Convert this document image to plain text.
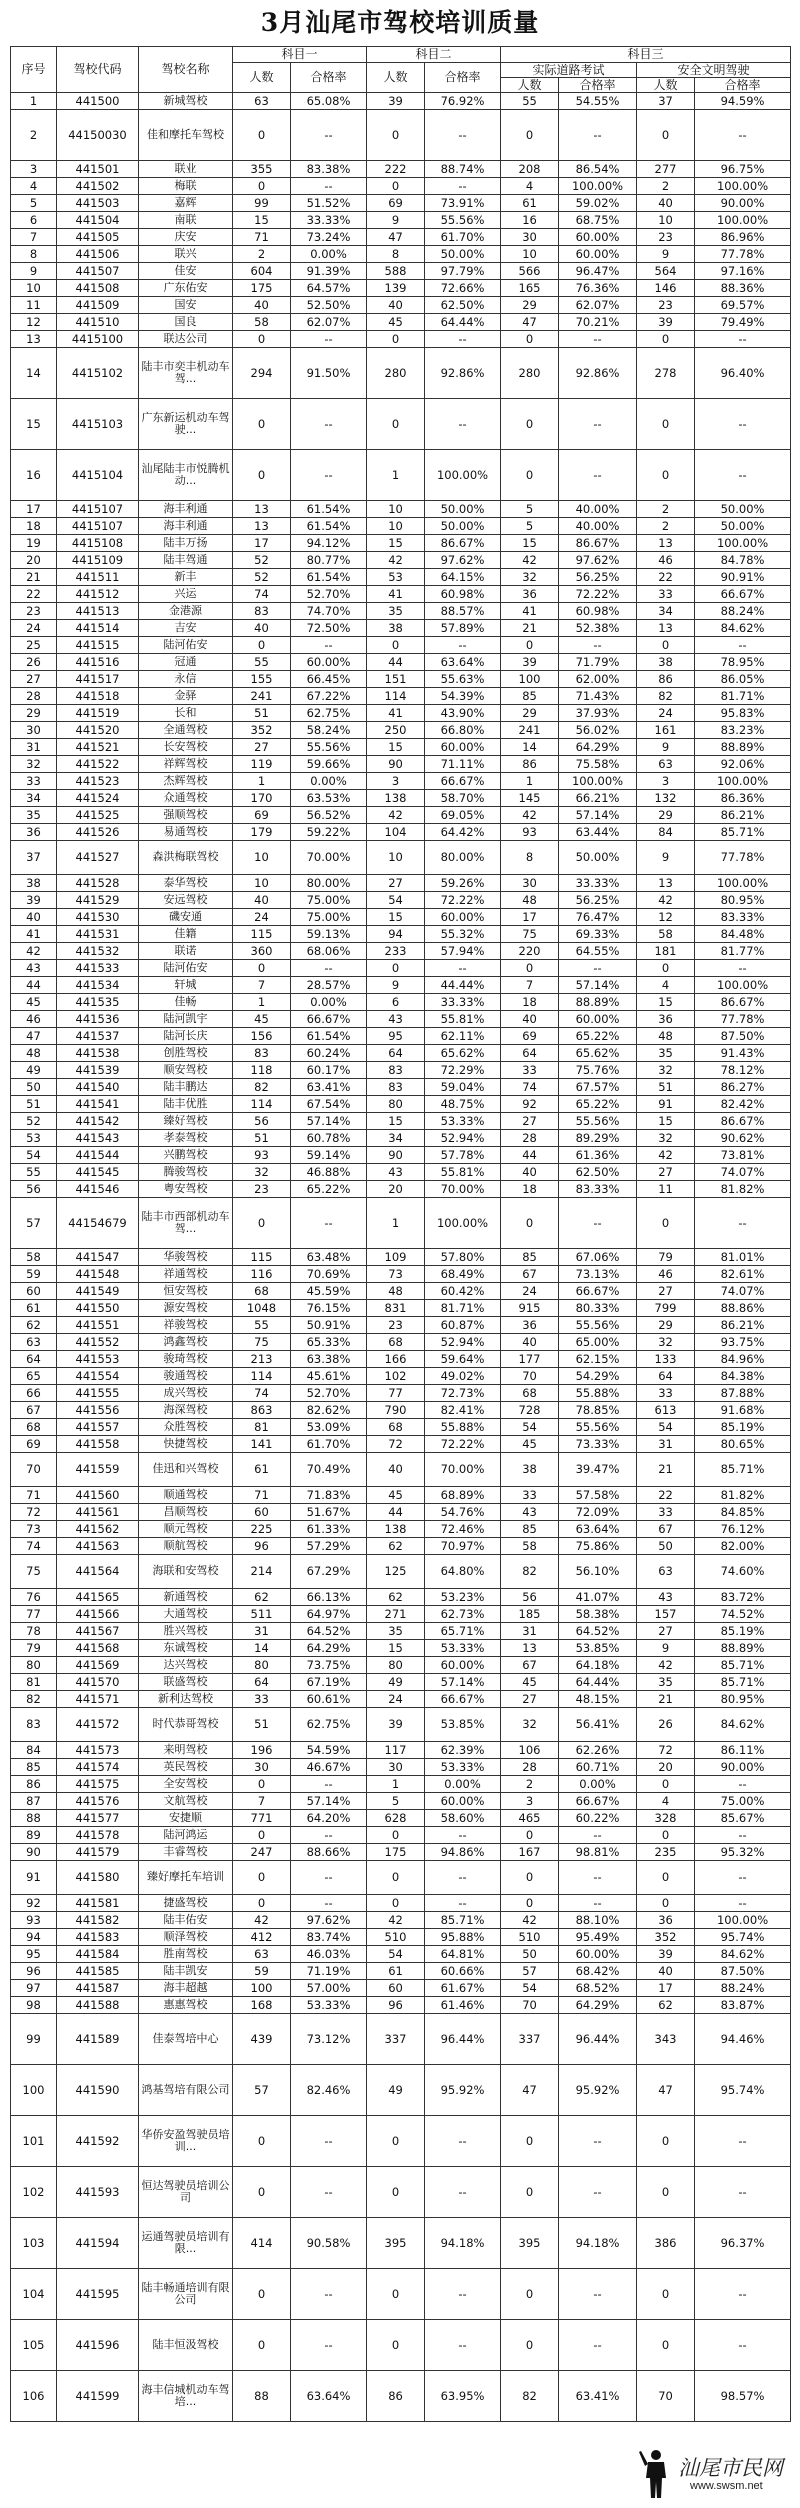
3月汕尾市驾校培训质量
序号	驾校代码	驾校名称	科目一		科目二		科目三			
			人数	合格率	人数	合格率	实际道路考试		安全文明驾驶	
							人数	合格率	人数	合格率
1	441500	新城驾校	63	65.08%	39	76.92%	55	54.55%	37	94.59%
2	44150030	佳和摩托车驾校	0	--	0	--	0	--	0	--
3	441501	联业	355	83.38%	222	88.74%	208	86.54%	277	96.75%
4	441502	梅联	0	--	0	--	4	100.00%	2	100.00%
5	441503	嘉辉	99	51.52%	69	73.91%	61	59.02%	40	90.00%
6	441504	南联	15	33.33%	9	55.56%	16	68.75%	10	100.00%
7	441505	庆安	71	73.24%	47	61.70%	30	60.00%	23	86.96%
8	441506	联兴	2	0.00%	8	50.00%	10	60.00%	9	77.78%
9	441507	佳安	604	91.39%	588	97.79%	566	96.47%	564	97.16%
10	441508	广东佑安	175	64.57%	139	72.66%	165	76.36%	146	88.36%
11	441509	国安	40	52.50%	40	62.50%	29	62.07%	23	69.57%
12	441510	国良	58	62.07%	45	64.44%	47	70.21%	39	79.49%
13	4415100	联达公司	0	--	0	--	0	--	0	--
14	4415102	陆丰市奕丰机动车驾...	294	91.50%	280	92.86%	280	92.86%	278	96.40%
15	4415103	广东新运机动车驾驶...	0	--	0	--	0	--	0	--
16	4415104	汕尾陆丰市悦腾机动...	0	--	1	100.00%	0	--	0	--
17	4415107	海丰利通	13	61.54%	10	50.00%	5	40.00%	2	50.00%
18	4415107	海丰利通	13	61.54%	10	50.00%	5	40.00%	2	50.00%
19	4415108	陆丰万扬	17	94.12%	15	86.67%	15	86.67%	13	100.00%
20	4415109	陆丰驾通	52	80.77%	42	97.62%	42	97.62%	46	84.78%
21	441511	新丰	52	61.54%	53	64.15%	32	56.25%	22	90.91%
22	441512	兴运	74	52.70%	41	60.98%	36	72.22%	33	66.67%
23	441513	金港源	83	74.70%	35	88.57%	41	60.98%	34	88.24%
24	441514	吉安	40	72.50%	38	57.89%	21	52.38%	13	84.62%
25	441515	陆河佑安	0	--	0	--	0	--	0	--
26	441516	冠通	55	60.00%	44	63.64%	39	71.79%	38	78.95%
27	441517	永信	155	66.45%	151	55.63%	100	62.00%	86	86.05%
28	441518	金驿	241	67.22%	114	54.39%	85	71.43%	82	81.71%
29	441519	长和	51	62.75%	41	43.90%	29	37.93%	24	95.83%
30	441520	全通驾校	352	58.24%	250	66.80%	241	56.02%	161	83.23%
31	441521	长安驾校	27	55.56%	15	60.00%	14	64.29%	9	88.89%
32	441522	祥辉驾校	119	59.66%	90	71.11%	86	75.58%	63	92.06%
33	441523	杰辉驾校	1	0.00%	3	66.67%	1	100.00%	3	100.00%
34	441524	众通驾校	170	63.53%	138	58.70%	145	66.21%	132	86.36%
35	441525	强顺驾校	69	56.52%	42	69.05%	42	57.14%	29	86.21%
36	441526	易通驾校	179	59.22%	104	64.42%	93	63.44%	84	85.71%
37	441527	森洪梅联驾校	10	70.00%	10	80.00%	8	50.00%	9	77.78%
38	441528	泰华驾校	10	80.00%	27	59.26%	30	33.33%	13	100.00%
39	441529	安远驾校	40	75.00%	54	72.22%	48	56.25%	42	80.95%
40	441530	磯安通	24	75.00%	15	60.00%	17	76.47%	12	83.33%
41	441531	佳籍	115	59.13%	94	55.32%	75	69.33%	58	84.48%
42	441532	联诺	360	68.06%	233	57.94%	220	64.55%	181	81.77%
43	441533	陆河佑安	0	--	0	--	0	--	0	--
44	441534	轩城	7	28.57%	9	44.44%	7	57.14%	4	100.00%
45	441535	佳畅	1	0.00%	6	33.33%	18	88.89%	15	86.67%
46	441536	陆河凯宇	45	66.67%	43	55.81%	40	60.00%	36	77.78%
47	441537	陆河长庆	156	61.54%	95	62.11%	69	65.22%	48	87.50%
48	441538	创胜驾校	83	60.24%	64	65.62%	64	65.62%	35	91.43%
49	441539	顺安驾校	118	60.17%	83	72.29%	33	75.76%	32	78.12%
50	441540	陆丰鹏达	82	63.41%	83	59.04%	74	67.57%	51	86.27%
51	441541	陆丰优胜	114	67.54%	80	48.75%	92	65.22%	91	82.42%
52	441542	臻好驾校	56	57.14%	15	53.33%	27	55.56%	15	86.67%
53	441543	孝泰驾校	51	60.78%	34	52.94%	28	89.29%	32	90.62%
54	441544	兴鹏驾校	93	59.14%	90	57.78%	44	61.36%	42	73.81%
55	441545	腾骏驾校	32	46.88%	43	55.81%	40	62.50%	27	74.07%
56	441546	粤安驾校	23	65.22%	20	70.00%	18	83.33%	11	81.82%
57	44154679	陆丰市西部机动车驾...	0	--	1	100.00%	0	--	0	--
58	441547	华骏驾校	115	63.48%	109	57.80%	85	67.06%	79	81.01%
59	441548	祥通驾校	116	70.69%	73	68.49%	67	73.13%	46	82.61%
60	441549	恒安驾校	68	45.59%	48	60.42%	24	66.67%	27	74.07%
61	441550	源安驾校	1048	76.15%	831	81.71%	915	80.33%	799	88.86%
62	441551	祥骏驾校	55	50.91%	23	60.87%	36	55.56%	29	86.21%
63	441552	鸿鑫驾校	75	65.33%	68	52.94%	40	65.00%	32	93.75%
64	441553	骏琦驾校	213	63.38%	166	59.64%	177	62.15%	133	84.96%
65	441554	骏通驾校	114	45.61%	102	49.02%	70	54.29%	64	84.38%
66	441555	成兴驾校	74	52.70%	77	72.73%	68	55.88%	33	87.88%
67	441556	海深驾校	863	82.62%	790	82.41%	728	78.85%	613	91.68%
68	441557	众胜驾校	81	53.09%	68	55.88%	54	55.56%	54	85.19%
69	441558	快捷驾校	141	61.70%	72	72.22%	45	73.33%	31	80.65%
70	441559	佳迅和兴驾校	61	70.49%	40	70.00%	38	39.47%	21	85.71%
71	441560	顺通驾校	71	71.83%	45	68.89%	33	57.58%	22	81.82%
72	441561	昌顺驾校	60	51.67%	44	54.76%	43	72.09%	33	84.85%
73	441562	顺元驾校	225	61.33%	138	72.46%	85	63.64%	67	76.12%
74	441563	顺航驾校	96	57.29%	62	70.97%	58	75.86%	50	82.00%
75	441564	海联和安驾校	214	67.29%	125	64.80%	82	56.10%	63	74.60%
76	441565	新通驾校	62	66.13%	62	53.23%	56	41.07%	43	83.72%
77	441566	大通驾校	511	64.97%	271	62.73%	185	58.38%	157	74.52%
78	441567	胜兴驾校	31	64.52%	35	65.71%	31	64.52%	27	85.19%
79	441568	东诚驾校	14	64.29%	15	53.33%	13	53.85%	9	88.89%
80	441569	达兴驾校	80	73.75%	80	60.00%	67	64.18%	42	85.71%
81	441570	联盛驾校	64	67.19%	49	57.14%	45	64.44%	35	85.71%
82	441571	新利达驾校	33	60.61%	24	66.67%	27	48.15%	21	80.95%
83	441572	时代恭哥驾校	51	62.75%	39	53.85%	32	56.41%	26	84.62%
84	441573	来明驾校	196	54.59%	117	62.39%	106	62.26%	72	86.11%
85	441574	英民驾校	30	46.67%	30	53.33%	28	60.71%	20	90.00%
86	441575	全安驾校	0	--	1	0.00%	2	0.00%	0	--
87	441576	文航驾校	7	57.14%	5	60.00%	3	66.67%	4	75.00%
88	441577	安捷顺	771	64.20%	628	58.60%	465	60.22%	328	85.67%
89	441578	陆河鸿运	0	--	0	--	0	--	0	--
90	441579	丰睿驾校	247	88.66%	175	94.86%	167	98.81%	235	95.32%
91	441580	臻好摩托车培训	0	--	0	--	0	--	0	--
92	441581	捷盛驾校	0	--	0	--	0	--	0	--
93	441582	陆丰佑安	42	97.62%	42	85.71%	42	88.10%	36	100.00%
94	441583	顺泽驾校	412	83.74%	510	95.88%	510	95.49%	352	95.74%
95	441584	胜南驾校	63	46.03%	54	64.81%	50	60.00%	39	84.62%
96	441585	陆丰凯安	59	71.19%	61	60.66%	57	68.42%	40	87.50%
97	441587	海丰超越	100	57.00%	60	61.67%	54	68.52%	17	88.24%
98	441588	惠惠驾校	168	53.33%	96	61.46%	70	64.29%	62	83.87%
99	441589	佳泰驾培中心	439	73.12%	337	96.44%	337	96.44%	343	94.46%
100	441590	鸿基驾培有限公司	57	82.46%	49	95.92%	47	95.92%	47	95.74%
101	441592	华侨安盈驾驶员培训...	0	--	0	--	0	--	0	--
102	441593	恒达驾驶员培训公司	0	--	0	--	0	--	0	--
103	441594	运通驾驶员培训有限...	414	90.58%	395	94.18%	395	94.18%	386	96.37%
104	441595	陆丰畅通培训有限公司	0	--	0	--	0	--	0	--
105	441596	陆丰恒汲驾校	0	--	0	--	0	--	0	--
106	441599	海丰信城机动车驾培...	88	63.64%	86	63.95%	82	63.41%	70	98.57%
汕尾市民网
www.swsm.net
